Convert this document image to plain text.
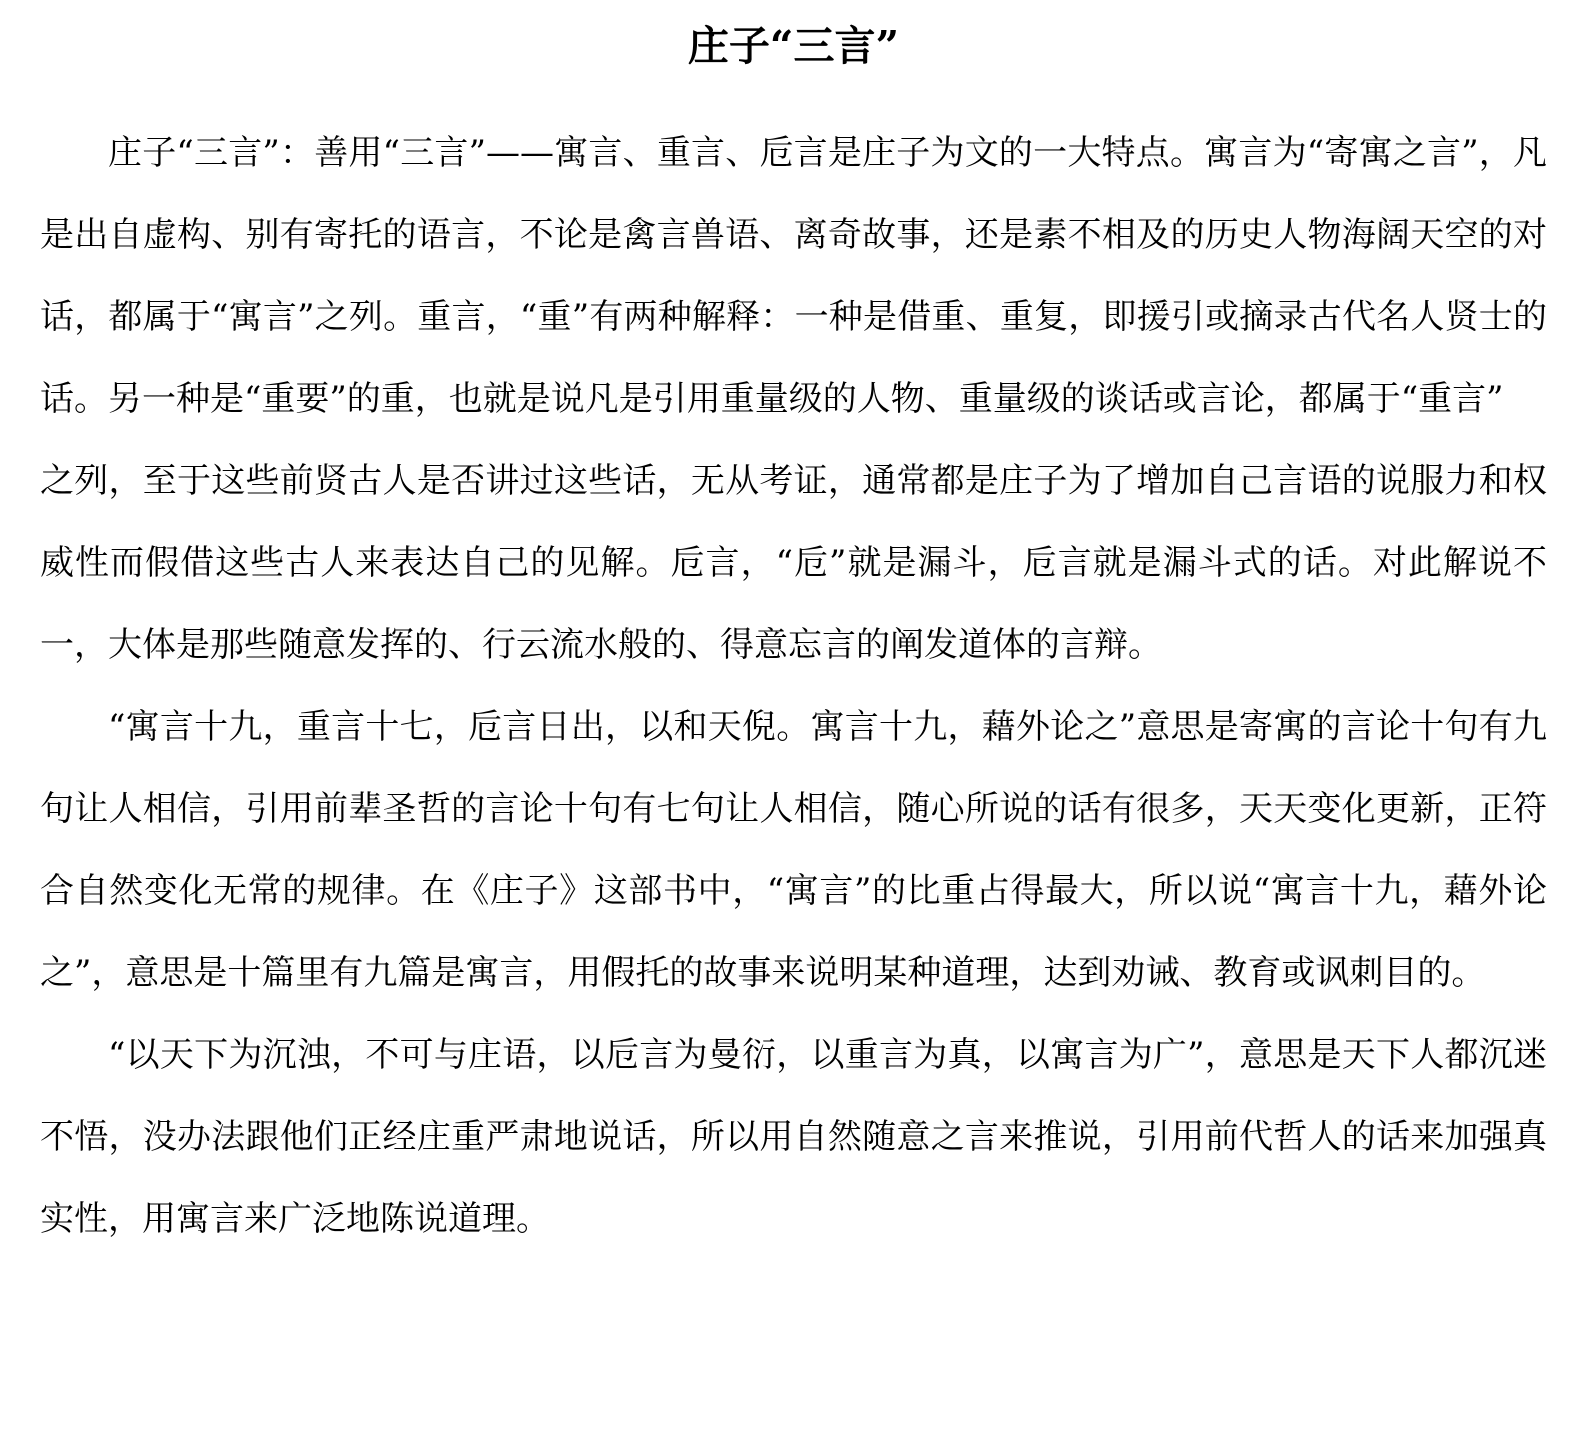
庄子“三言”

庄子“三言”：善用“三言”——寓言、重言、卮言是庄子为文的一大特点。寓言为“寄寓之言”，凡是出自虚构、别有寄托的语言，不论是禽言兽语、离奇故事，还是素不相及的历史人物海阔天空的对话，都属于“寓言”之列。重言，“重”有两种解释：一种是借重、重复，即援引或摘录古代名人贤士的话。另一种是“重要”的重，也就是说凡是引用重量级的人物、重量级的谈话或言论，都属于“重言”

之列，至于这些前贤古人是否讲过这些话，无从考证，通常都是庄子为了增加自己言语的说服力和权威性而假借这些古人来表达自己的见解。卮言，“卮”就是漏斗，卮言就是漏斗式的话。对此解说不一，大体是那些随意发挥的、行云流水般的、得意忘言的阐发道体的言辩。

“寓言十九，重言十七，卮言日出，以和天倪。寓言十九，藉外论之”意思是寄寓的言论十句有九句让人相信，引用前辈圣哲的言论十句有七句让人相信，随心所说的话有很多，天天变化更新，正符合自然变化无常的规律。在《庄子》这部书中，“寓言”的比重占得最大，所以说“寓言十九，藉外论之”，意思是十篇里有九篇是寓言，用假托的故事来说明某种道理，达到劝诫、教育或讽刺目的。

“以天下为沉浊，不可与庄语，以卮言为曼衍，以重言为真，以寓言为广”，意思是天下人都沉迷不悟，没办法跟他们正经庄重严肃地说话，所以用自然随意之言来推说，引用前代哲人的话来加强真实性，用寓言来广泛地陈说道理。
